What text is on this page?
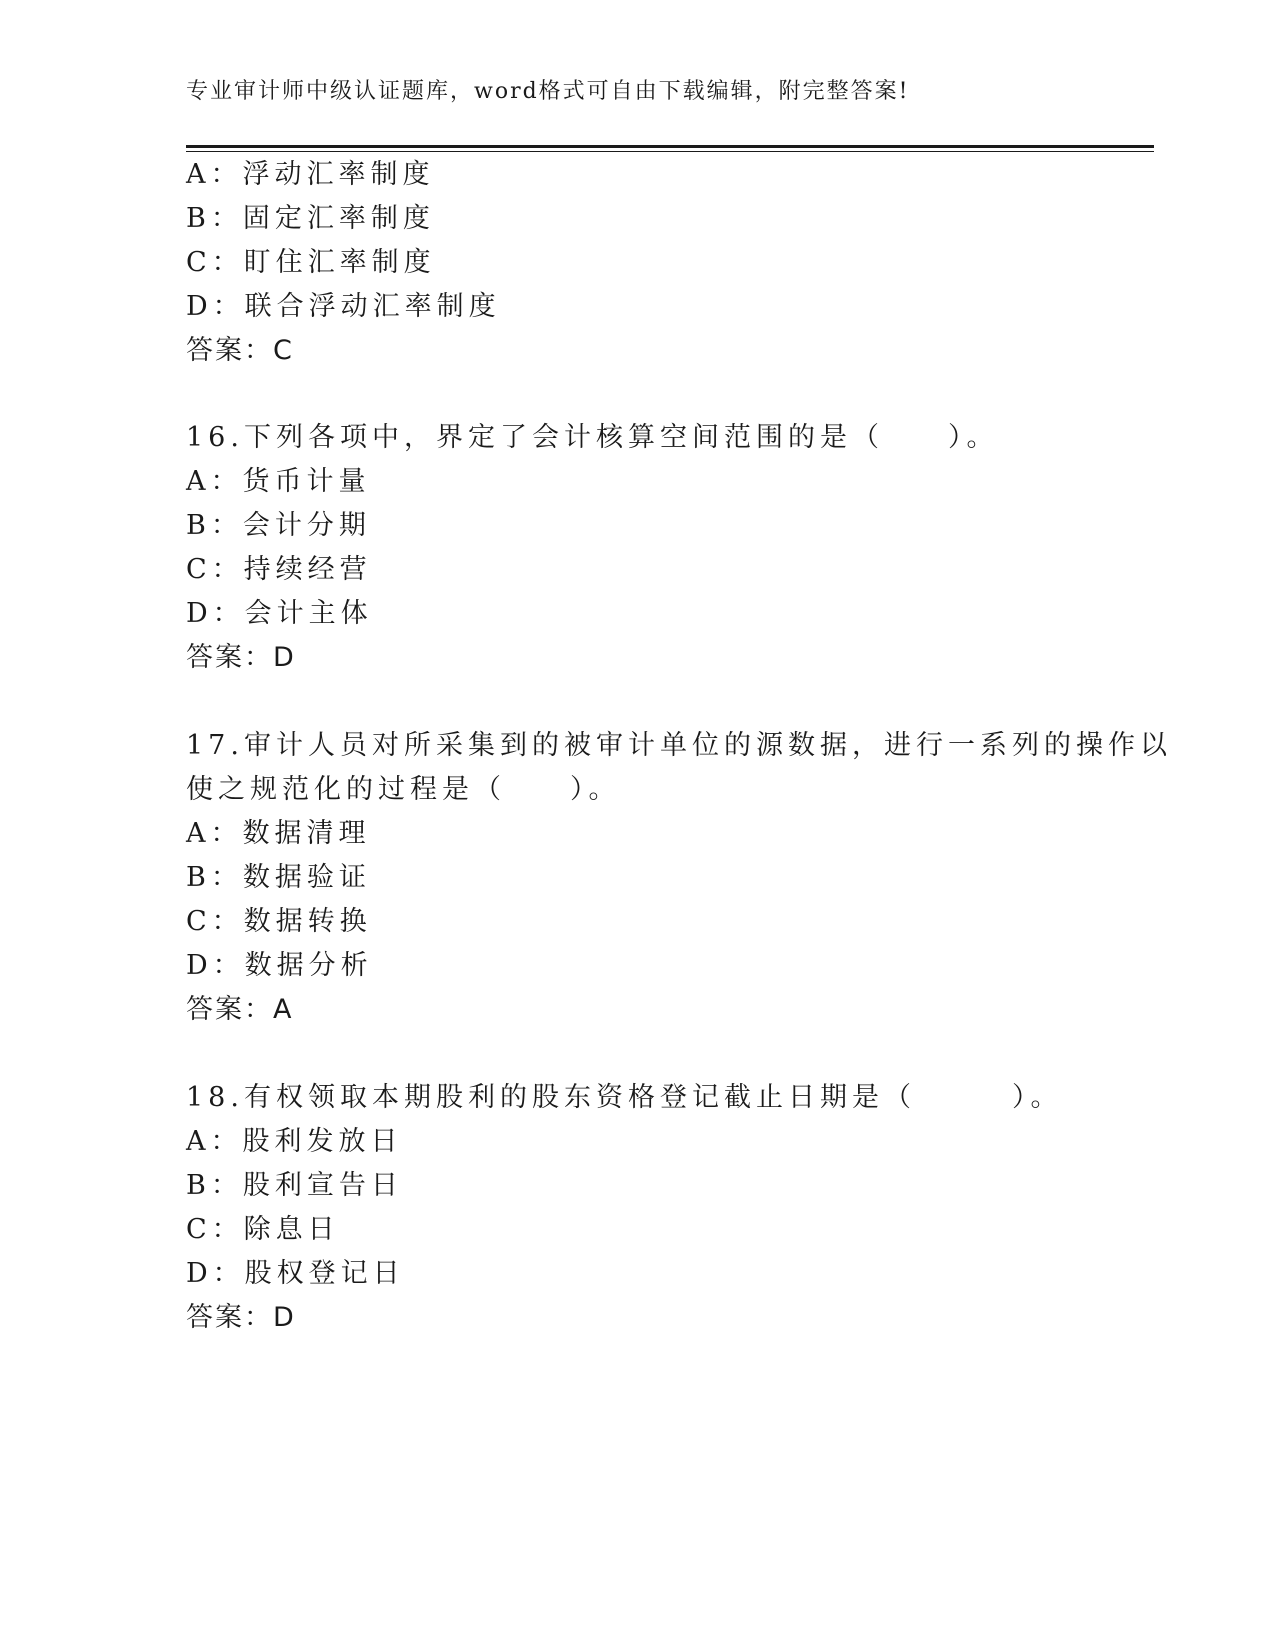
专业审计师中级认证题库，word格式可自由下载编辑，附完整答案!
A：浮动汇率制度
B：固定汇率制度
C：盯住汇率制度
D：联合浮动汇率制度
答案：C
16.下列各项中，界定了会计核算空间范围的是（　　）。
A：货币计量
B：会计分期
C：持续经营
D：会计主体
答案：D
17.审计人员对所采集到的被审计单位的源数据，进行一系列的操作以
使之规范化的过程是（　　）。
A：数据清理
B：数据验证
C：数据转换
D：数据分析
答案：A
18.有权领取本期股利的股东资格登记截止日期是（　　　）。
A：股利发放日
B：股利宣告日
C：除息日
D：股权登记日
答案：D
